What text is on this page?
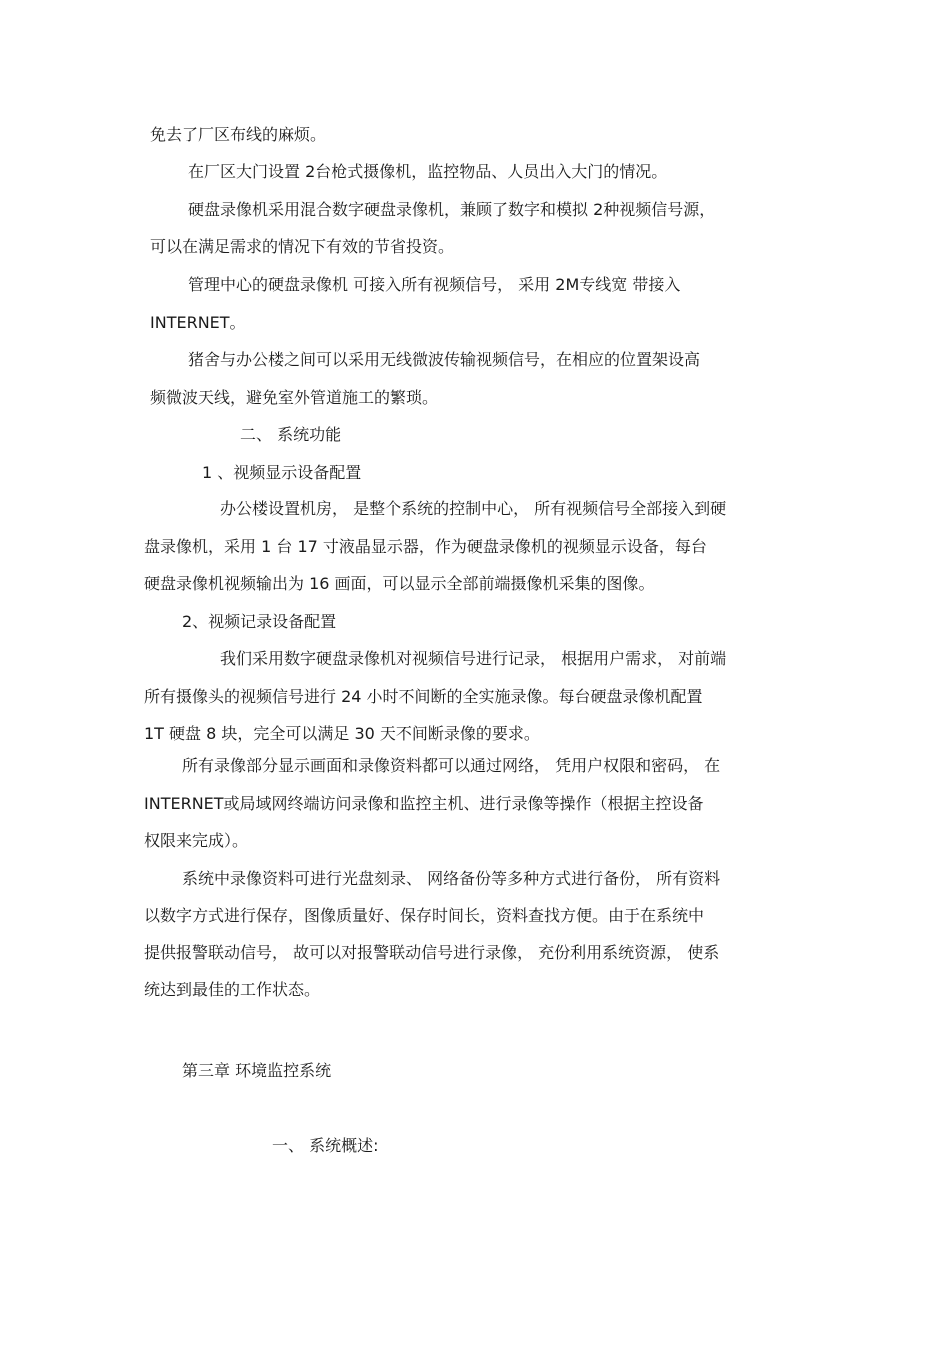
免去了厂区布线的麻烦。
在厂区大门设置 2台枪式摄像机，监控物品、人员出入大门的情况。
硬盘录像机采用混合数字硬盘录像机，兼顾了数字和模拟 2种视频信号源，
可以在满足需求的情况下有效的节省投资。
管理中心的硬盘录像机 可接入所有视频信号， 采用 2M专线宽 带接入
INTERNET。
猪舍与办公楼之间可以采用无线微波传输视频信号，在相应的位置架设高
频微波天线，避免室外管道施工的繁琐。
二、 系统功能
1 、视频显示设备配置
办公楼设置机房， 是整个系统的控制中心， 所有视频信号全部接入到硬
盘录像机，采用 1 台 17 寸液晶显示器，作为硬盘录像机的视频显示设备，每台
硬盘录像机视频输出为 16 画面，可以显示全部前端摄像机采集的图像。
2、视频记录设备配置
我们采用数字硬盘录像机对视频信号进行记录， 根据用户需求， 对前端
所有摄像头的视频信号进行 24 小时不间断的全实施录像。每台硬盘录像机配置
1T 硬盘 8 块，完全可以满足 30 天不间断录像的要求。
所有录像部分显示画面和录像资料都可以通过网络， 凭用户权限和密码， 在
INTERNET或局域网终端访问录像和监控主机、进行录像等操作（根据主控设备
权限来完成）。
系统中录像资料可进行光盘刻录、 网络备份等多种方式进行备份， 所有资料
以数字方式进行保存，图像质量好、保存时间长，资料查找方便。由于在系统中
提供报警联动信号， 故可以对报警联动信号进行录像， 充份利用系统资源， 使系
统达到最佳的工作状态。
第三章 环境监控系统
一、 系统概述:
